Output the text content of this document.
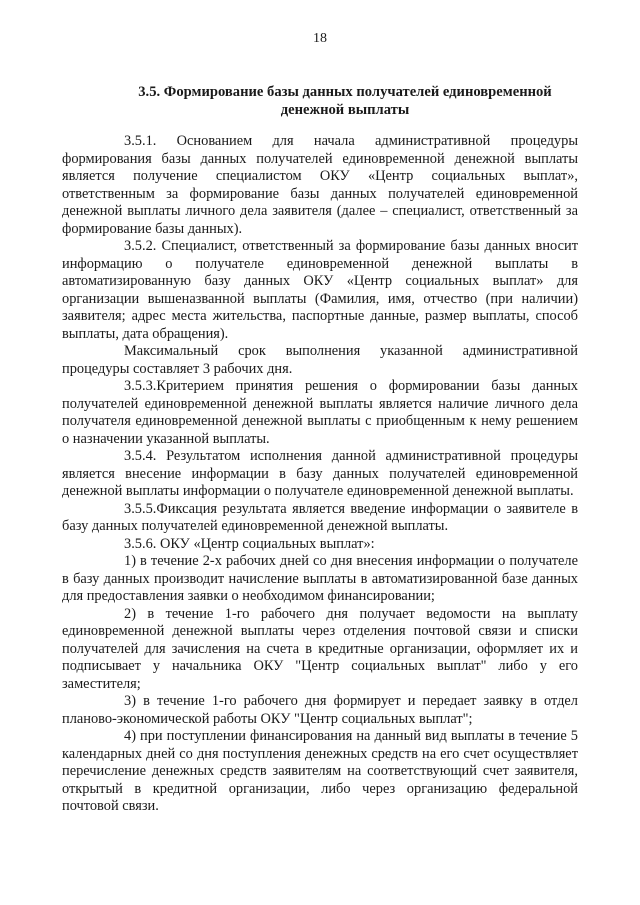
18
3.5. Формирование базы данных получателей единовременной денежной выплаты

3.5.1. Основанием для начала административной процедуры формирования базы данных получателей единовременной денежной выплаты является получение специалистом ОКУ «Центр социальных выплат», ответственным за формирование базы данных получателей единовременной денежной выплаты личного дела заявителя (далее – специалист, ответственный за формирование базы данных).

3.5.2. Специалист, ответственный за формирование базы данных вносит информацию о получателе единовременной денежной выплаты в автоматизированную базу данных ОКУ «Центр социальных выплат» для организации вышеназванной выплаты (Фамилия, имя, отчество (при наличии) заявителя; адрес места жительства, паспортные данные, размер выплаты, способ выплаты, дата обращения).

Максимальный срок выполнения указанной административной процедуры составляет 3 рабочих дня.

3.5.3.Критерием принятия решения о формировании базы данных получателей единовременной денежной выплаты является наличие личного дела получателя единовременной денежной выплаты с приобщенным к нему решением о назначении указанной выплаты.

3.5.4. Результатом исполнения данной административной процедуры является внесение информации в базу данных получателей единовременной денежной выплаты информации о получателе единовременной денежной выплаты.

3.5.5.Фиксация результата является введение информации о заявителе в базу данных получателей единовременной денежной выплаты.

3.5.6. ОКУ «Центр социальных выплат»:

1) в течение 2-х рабочих дней со дня внесения информации о получателе в базу данных производит начисление выплаты в автоматизированной базе данных для предоставления заявки о необходимом финансировании;

2) в течение 1-го рабочего дня получает ведомости на выплату единовременной денежной выплаты через отделения почтовой связи и списки получателей для зачисления на счета в кредитные организации, оформляет их и подписывает у начальника ОКУ "Центр социальных выплат" либо у его заместителя;

3) в течение 1-го рабочего дня формирует и передает заявку в отдел планово-экономической работы ОКУ "Центр социальных выплат";

4) при поступлении финансирования на данный вид выплаты в течение 5 календарных дней со дня поступления денежных средств на его счет осуществляет перечисление денежных средств заявителям на соответствующий счет заявителя, открытый в кредитной организации, либо через организацию федеральной почтовой связи.
